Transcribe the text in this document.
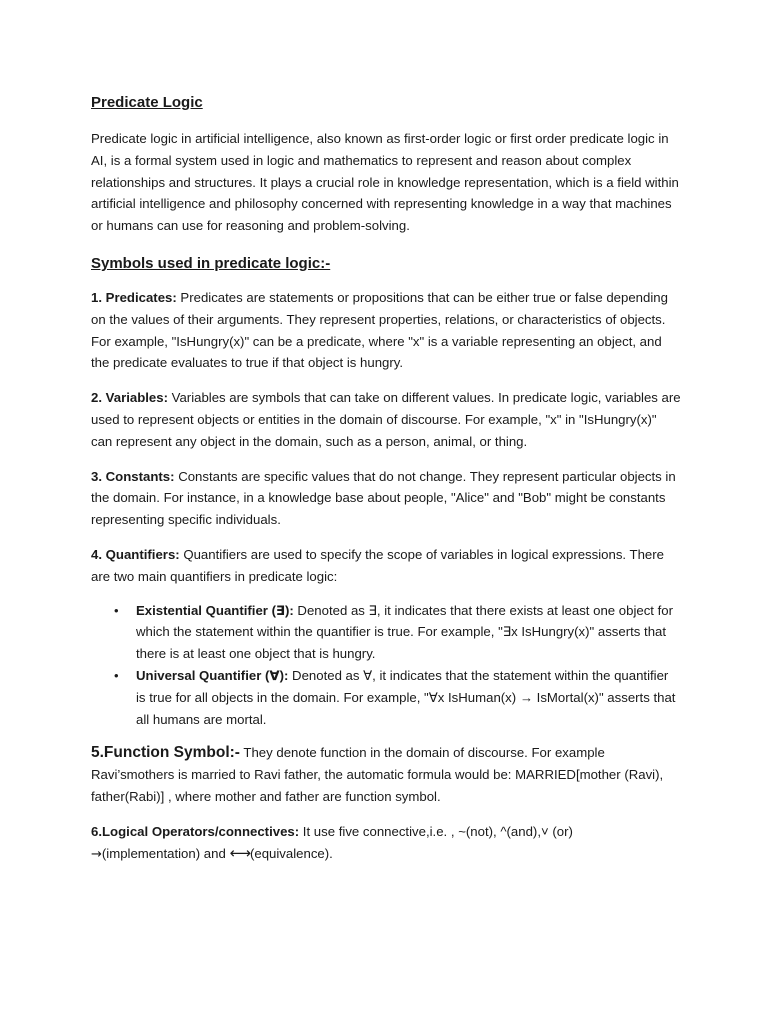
Predicate Logic

Predicate logic in artificial intelligence, also known as first-order logic or first order predicate logic in AI, is a formal system used in logic and mathematics to represent and reason about complex relationships and structures. It plays a crucial role in knowledge representation, which is a field within artificial intelligence and philosophy concerned with representing knowledge in a way that machines or humans can use for reasoning and problem-solving.

Symbols used in predicate logic:-

1. Predicates: Predicates are statements or propositions that can be either true or false depending on the values of their arguments. They represent properties, relations, or characteristics of objects. For example, "IsHungry(x)" can be a predicate, where "x" is a variable representing an object, and the predicate evaluates to true if that object is hungry.

2. Variables: Variables are symbols that can take on different values. In predicate logic, variables are used to represent objects or entities in the domain of discourse. For example, "x" in "IsHungry(x)" can represent any object in the domain, such as a person, animal, or thing.

3. Constants: Constants are specific values that do not change. They represent particular objects in the domain. For instance, in a knowledge base about people, "Alice" and "Bob" might be constants representing specific individuals.

4. Quantifiers: Quantifiers are used to specify the scope of variables in logical expressions. There are two main quantifiers in predicate logic:

• Existential Quantifier (∃): Denoted as ∃, it indicates that there exists at least one object for which the statement within the quantifier is true. For example, "∃x IsHungry(x)" asserts that there is at least one object that is hungry.
• Universal Quantifier (∀): Denoted as ∀, it indicates that the statement within the quantifier is true for all objects in the domain. For example, "∀x IsHuman(x) → IsMortal(x)" asserts that all humans are mortal.

5.Function Symbol:- They denote function in the domain of discourse. For example Ravi’smothers is married to Ravi father, the automatic formula would be: MARRIED[mother (Ravi), father(Rabi)] , where mother and father are function symbol.

6.Logical Operators/connectives: It use five connective,i.e. , ~(not), ^(and),˅ (or) →(implementation) and ⟷(equivalence).
